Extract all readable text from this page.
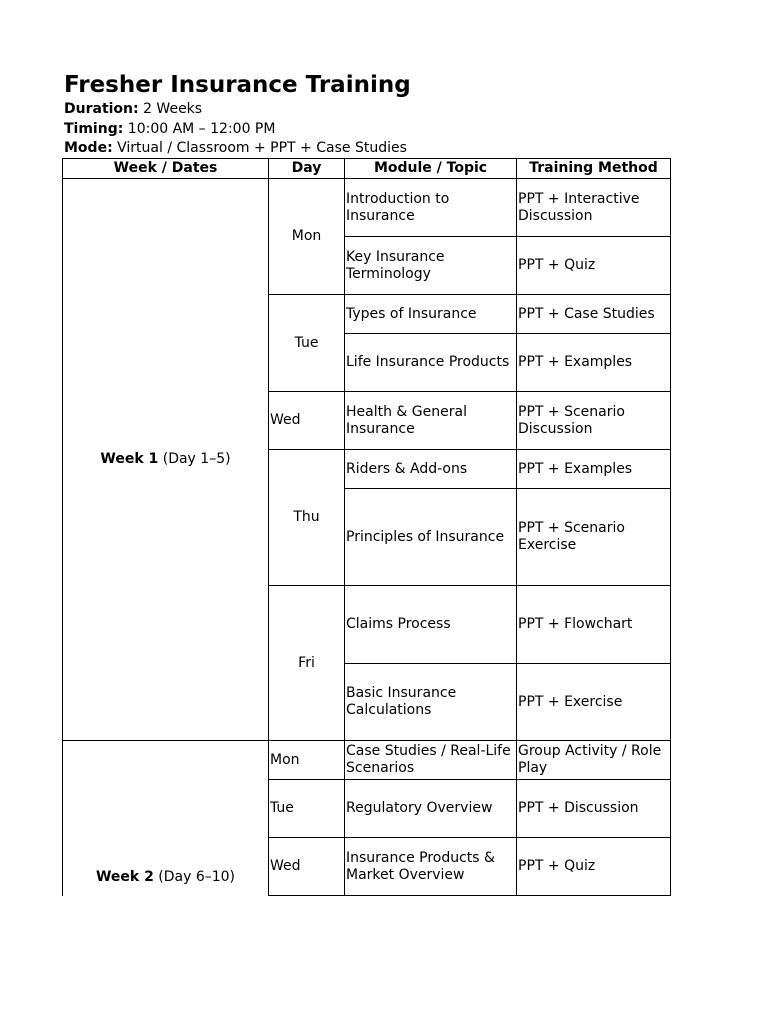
Fresher Insurance Training
Duration: 2 Weeks
Timing: 10:00 AM – 12:00 PM
Mode: Virtual / Classroom + PPT + Case Studies
Week / Dates	Day	Module / Topic	Training Method
Week 1 (Day 1–5)	Mon	Introduction to Insurance	PPT + Interactive Discussion
		Key Insurance Terminology	PPT + Quiz
	Tue	Types of Insurance	PPT + Case Studies
		Life Insurance Products	PPT + Examples
	Wed	Health & General Insurance	PPT + Scenario Discussion
	Thu	Riders & Add-ons	PPT + Examples
		Principles of Insurance	PPT + Scenario Exercise
	Fri	Claims Process	PPT + Flowchart
		Basic Insurance Calculations	PPT + Exercise
Week 2 (Day 6–10)	Mon	Case Studies / Real-Life Scenarios	Group Activity / Role Play
	Tue	Regulatory Overview	PPT + Discussion
	Wed	Insurance Products & Market Overview	PPT + Quiz
